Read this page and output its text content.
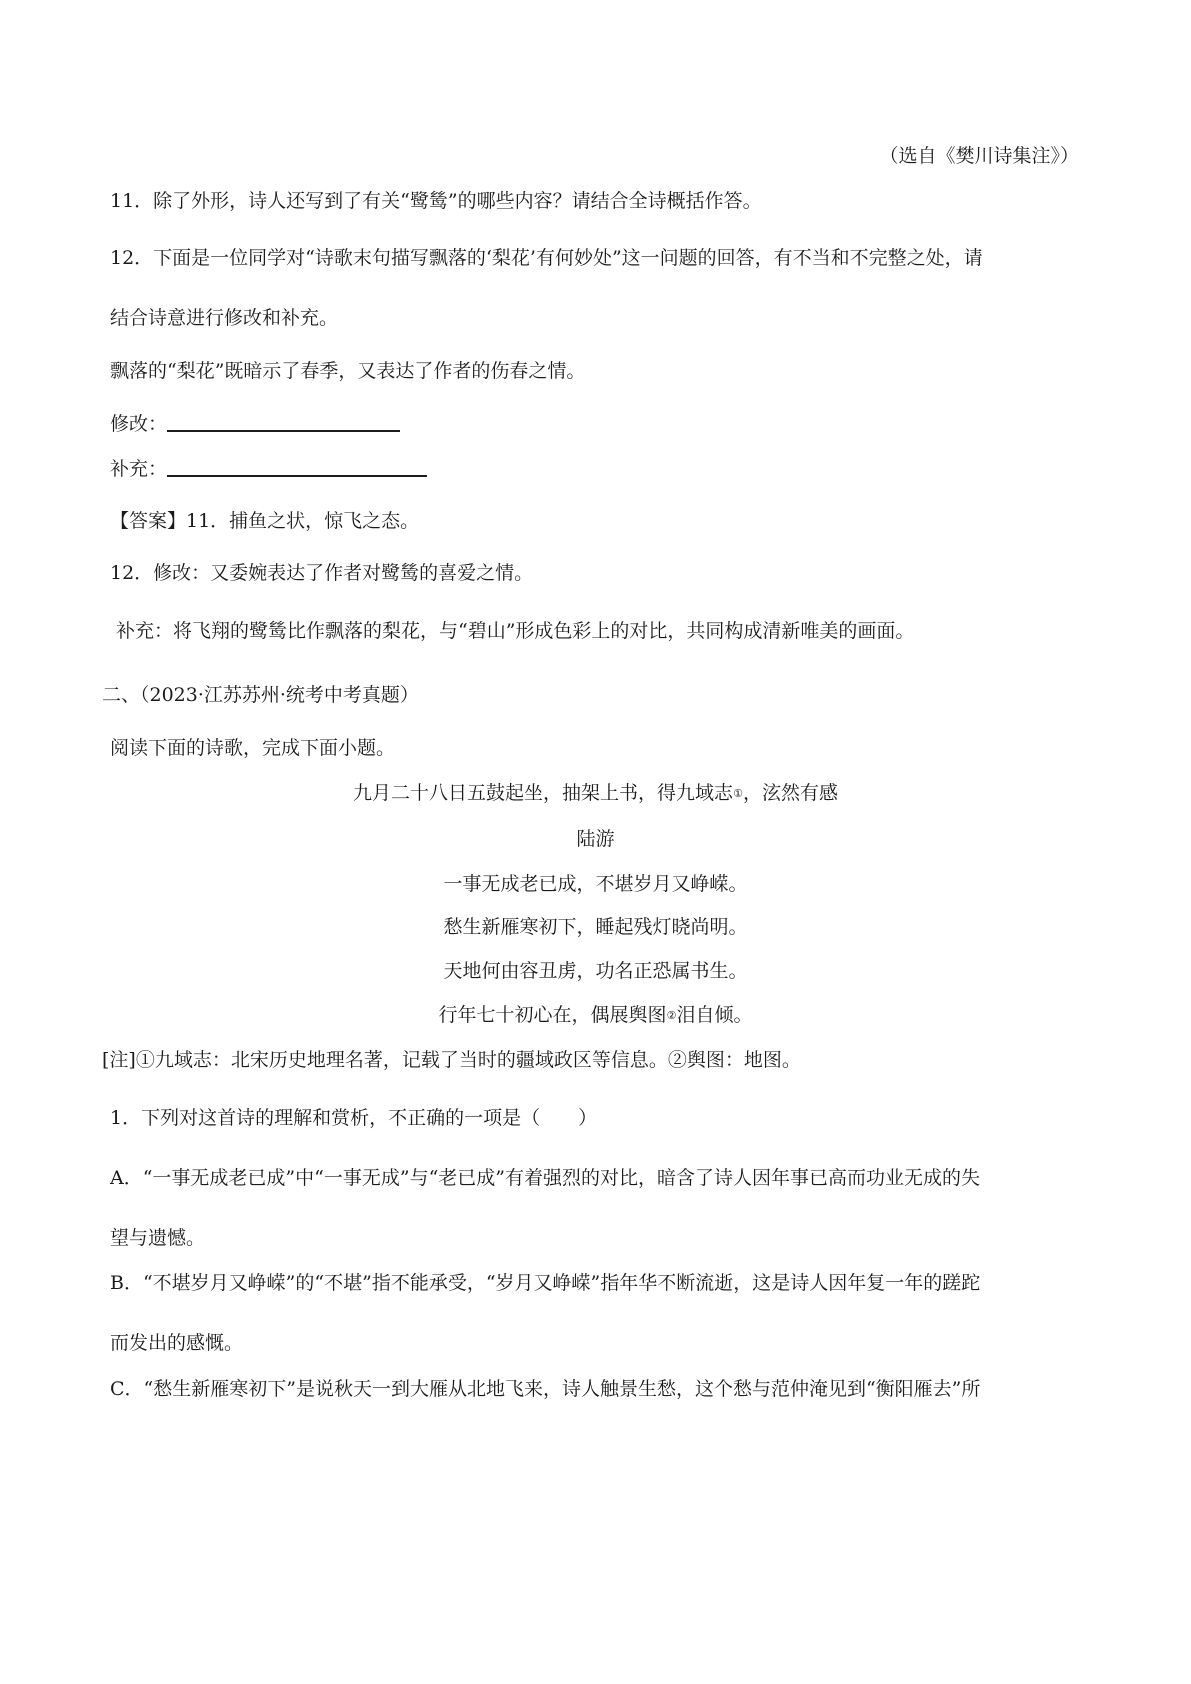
（选自《樊川诗集注》）
11．除了外形，诗人还写到了有关“鹭鸶”的哪些内容？请结合全诗概括作答。
12．下面是一位同学对“诗歌末句描写飘落的‘梨花’有何妙处”这一问题的回答，有不当和不完整之处，请
结合诗意进行修改和补充。
飘落的“梨花”既暗示了春季，又表达了作者的伤春之情。
修改：
补充：
【答案】11．捕鱼之状，惊飞之态。
12．修改：又委婉表达了作者对鹭鸶的喜爱之情。
补充：将飞翔的鹭鸶比作飘落的梨花，与“碧山”形成色彩上的对比，共同构成清新唯美的画面。
二、（2023·江苏苏州·统考中考真题）
阅读下面的诗歌，完成下面小题。
九月二十八日五鼓起坐，抽架上书，得九域志①，泫然有感
陆游
一事无成老已成，不堪岁月又峥嵘。
愁生新雁寒初下，睡起残灯晓尚明。
天地何由容丑虏，功名正恐属书生。
行年七十初心在，偶展舆图②泪自倾。
[注]①九域志：北宋历史地理名著，记载了当时的疆域政区等信息。②舆图：地图。
1．下列对这首诗的理解和赏析，不正确的一项是（　　）
A．“一事无成老已成”中“一事无成”与“老已成”有着强烈的对比，暗含了诗人因年事已高而功业无成的失
望与遗憾。
B．“不堪岁月又峥嵘”的“不堪”指不能承受，“岁月又峥嵘”指年华不断流逝，这是诗人因年复一年的蹉跎
而发出的感慨。
C．“愁生新雁寒初下”是说秋天一到大雁从北地飞来，诗人触景生愁，这个愁与范仲淹见到“衡阳雁去”所
